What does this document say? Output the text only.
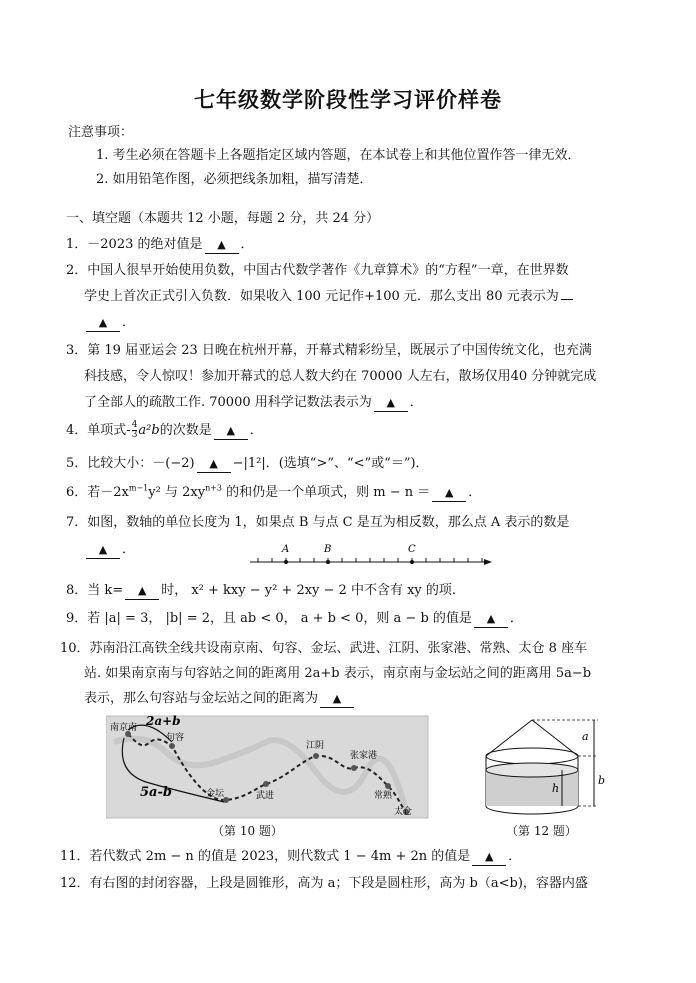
七年级数学阶段性学习评价样卷
注意事项：
1. 考生必须在答题卡上各题指定区域内答题，在本试卷上和其他位置作答一律无效．
2. 如用铅笔作图，必须把线条加粗，描写清楚．
一、填空题（本题共 12 小题，每题 2 分，共 24 分）
1．－2023 的绝对值是 ▲ ．
2．中国人很早开始使用负数，中国古代数学著作《九章算术》的“方程”一章，在世界数
学史上首次正式引入负数．如果收入 100 元记作+100 元．那么支出 80 元表示为
▲ ．
3．第 19 届亚运会 23 日晚在杭州开幕，开幕式精彩纷呈，既展示了中国传统文化，也充满
科技感，令人惊叹！参加开幕式的总人数大约在 70000 人左右，散场仅用40 分钟就完成
了全部人的疏散工作. 70000 用科学记数法表示为 ▲ ．
4．单项式- $\frac{4}{3} a^2b$的次数是 ▲ ．
5．比较大小：－(−2) ▲ −|1²|．(选填“>”、“<”或“＝”)．
6．若$-2x^{m-1}y^2$ 与 $2xy^{n+3}$ 的和仍是一个单项式，则 m − n ＝ ▲ ．
7．如图，数轴的单位长度为 1，如果点 B 与点 C 是互为相反数，那么点 A 表示的数是
▲ ．	A	B	C
8．当 k= ▲ 时， x² + kxy − y² + 2xy − 2 中不含有 xy 的项.
9．若 |a| = 3， |b| = 2，且 ab < 0， a + b < 0，则 a − b 的值是 ▲ ．
10．苏南沿江高铁全线共设南京南、句容、金坛、武进、江阴、张家港、常熟、太仓 8 座车
站. 如果南京南与句容站之间的距离用 2a+b 表示，南京南与金坛站之间的距离用 5a−b
表示，那么句容站与金坛站之间的距离为 ▲
南京南
句容
金坛	武进
江阴
张家港
常熟
太仓
2a+b
5a-b
（第 10 题）
a
b
h
（第 12 题）
11．若代数式 2m − n 的值是 2023，则代数式 1 − 4m + 2n 的值是 ▲ ．
12．有右图的封闭容器，上段是圆锥形，高为 a；下段是圆柱形，高为 b（a<b)，容器内盛
